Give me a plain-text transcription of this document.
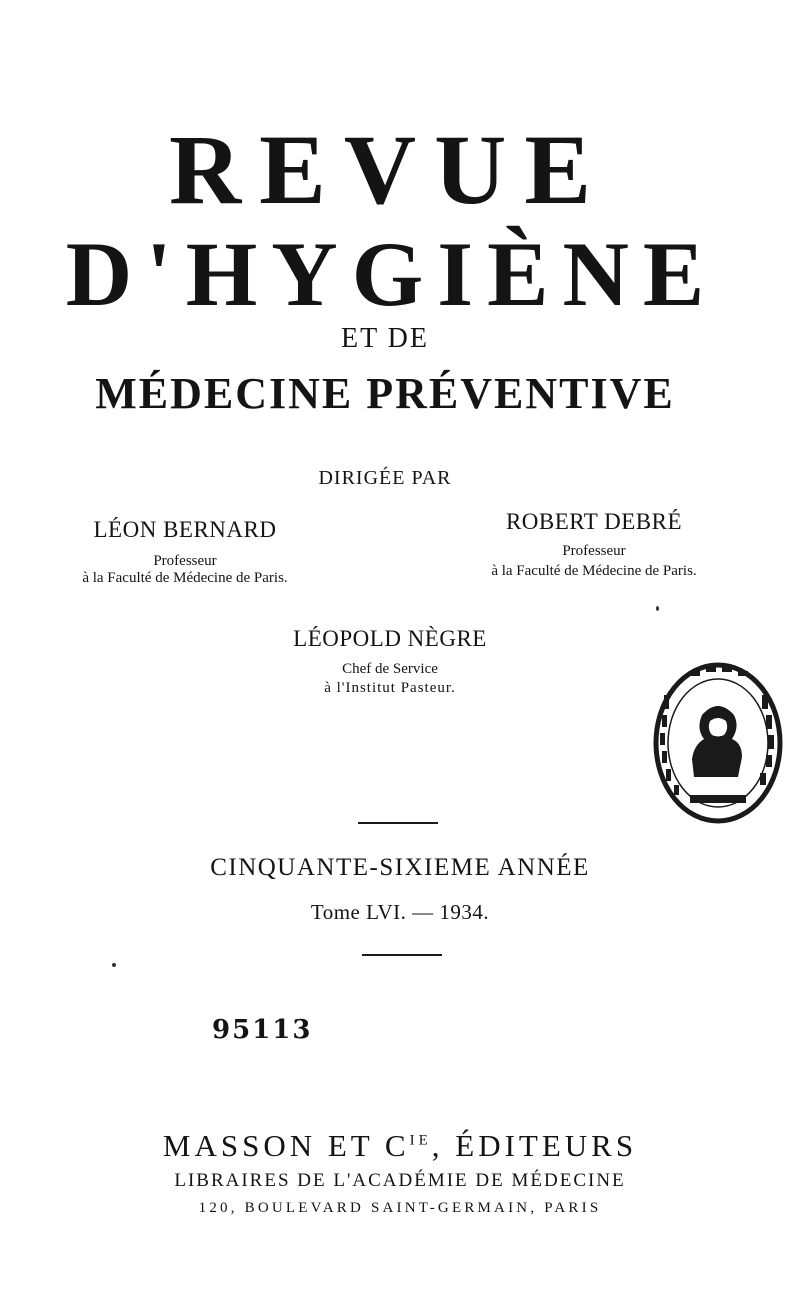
REVUE
D'HYGIÈNE
ET DE
MÉDECINE PRÉVENTIVE
DIRIGÉE PAR
LÉON BERNARD
Professeur
à la Faculté de Médecine de Paris.
ROBERT DEBRÉ
Professeur
à la Faculté de Médecine de Paris.
LÉOPOLD NÈGRE
Chef de Service
à l'Institut Pasteur.
CINQUANTE-SIXIEME ANNÉE
Tome LVI. — 1934.
95113
MASSON ET $C^{IE}$, ÉDITEURS
LIBRAIRES DE L'ACADÉMIE DE MÉDECINE
120, BOULEVARD SAINT-GERMAIN, PARIS
